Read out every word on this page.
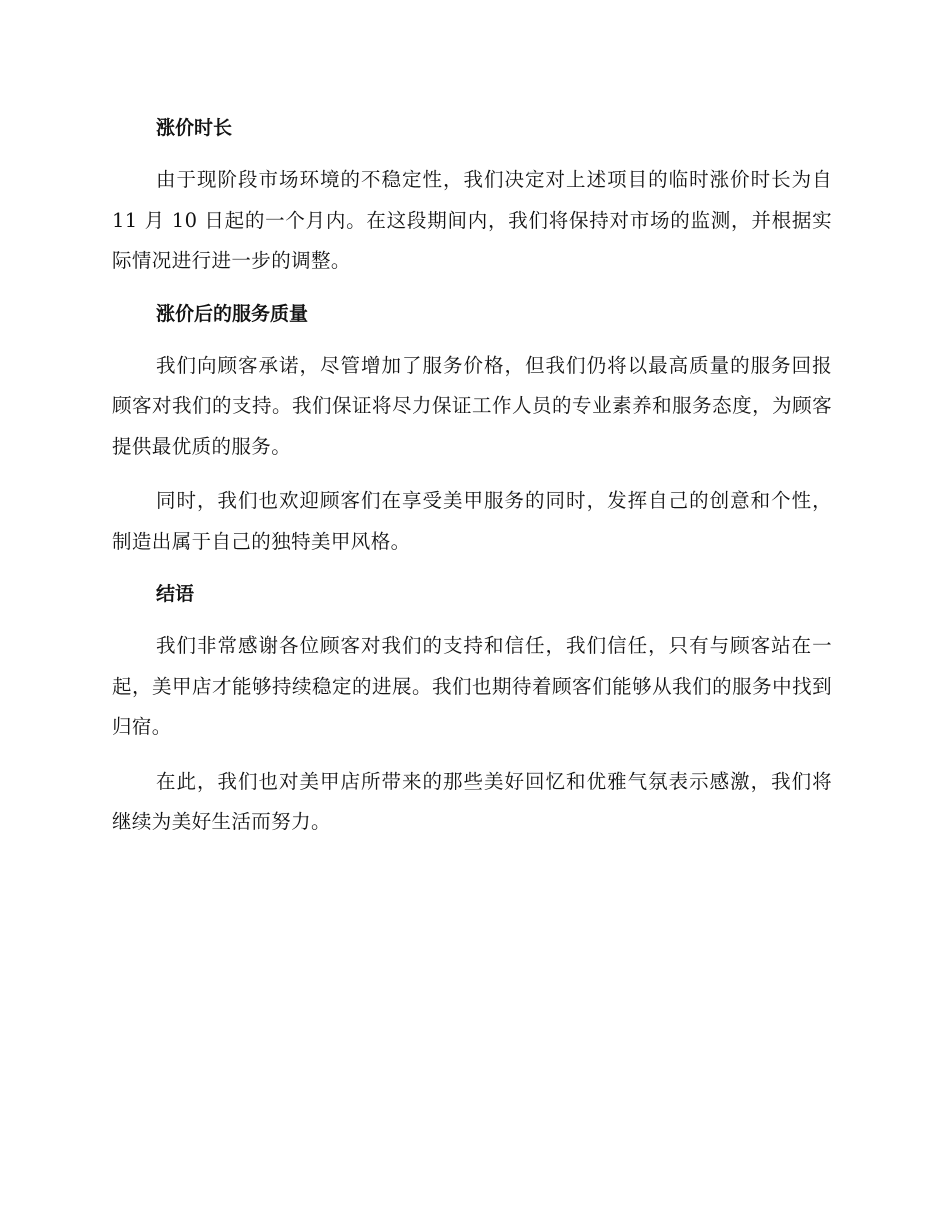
涨价时长

由于现阶段市场环境的不稳定性，我们决定对上述项目的临时涨价时长为自 11 月 10 日起的一个月内。在这段期间内，我们将保持对市场的监测，并根据实际情况进行进一步的调整。

涨价后的服务质量

我们向顾客承诺，尽管增加了服务价格，但我们仍将以最高质量的服务回报顾客对我们的支持。我们保证将尽力保证工作人员的专业素养和服务态度，为顾客提供最优质的服务。

同时，我们也欢迎顾客们在享受美甲服务的同时，发挥自己的创意和个性，制造出属于自己的独特美甲风格。

结语

我们非常感谢各位顾客对我们的支持和信任，我们信任，只有与顾客站在一起，美甲店才能够持续稳定的进展。我们也期待着顾客们能够从我们的服务中找到归宿。

在此，我们也对美甲店所带来的那些美好回忆和优雅气氛表示感激，我们将继续为美好生活而努力。
